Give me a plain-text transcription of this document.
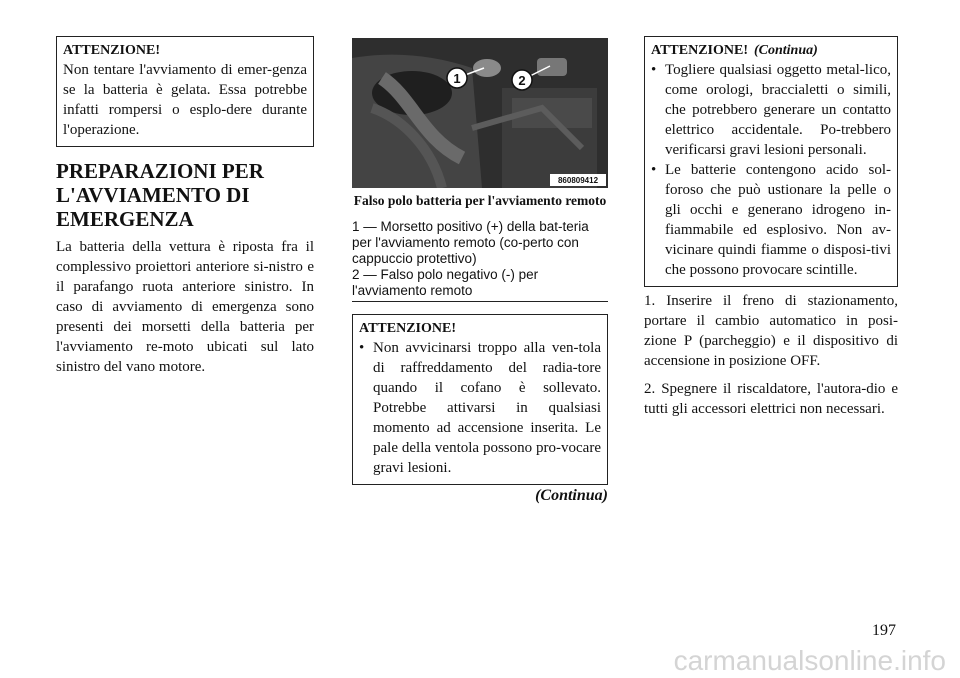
ATTENZIONE!
Non tentare l'avviamento di emer-genza se la batteria è gelata. Essa potrebbe infatti rompersi o esplo-dere durante l'operazione.
PREPARAZIONI PER L'AVVIAMENTO DI EMERGENZA

La batteria della vettura è riposta fra il complessivo proiettori anteriore si-nistro e il parafango ruota anteriore sinistro. In caso di avviamento di emergenza sono presenti dei morsetti della batteria per l'avviamento re-moto ubicati sul lato sinistro del vano motore.

1	2
860809412
Falso polo batteria per l'avviamento remoto
1 — Morsetto positivo (+) della bat-teria per l'avviamento remoto (co-perto con cappuccio protettivo)
2 — Falso polo negativo (-) per l'avviamento remoto
ATTENZIONE!
• Non avvicinarsi troppo alla ven-tola di raffreddamento del radia-tore quando il cofano è sollevato. Potrebbe attivarsi in qualsiasi momento ad accensione inserita. Le pale della ventola possono pro-vocare gravi lesioni.
(Continua)
ATTENZIONE! (Continua)
• Togliere qualsiasi oggetto metal-lico, come orologi, braccialetti o simili, che potrebbero generare un contatto elettrico accidentale. Po-trebbero verificarsi gravi lesioni personali.
• Le batterie contengono acido sol-foroso che può ustionare la pelle o gli occhi e generano idrogeno in-fiammabile ed esplosivo. Non av-vicinare quindi fiamme o disposi-tivi che possono provocare scintille.

1. Inserire il freno di stazionamento, portare il cambio automatico in posi-zione P (parcheggio) e il dispositivo di accensione in posizione OFF.

2. Spegnere il riscaldatore, l'autora-dio e tutti gli accessori elettrici non necessari.

197
carmanualsonline.info
